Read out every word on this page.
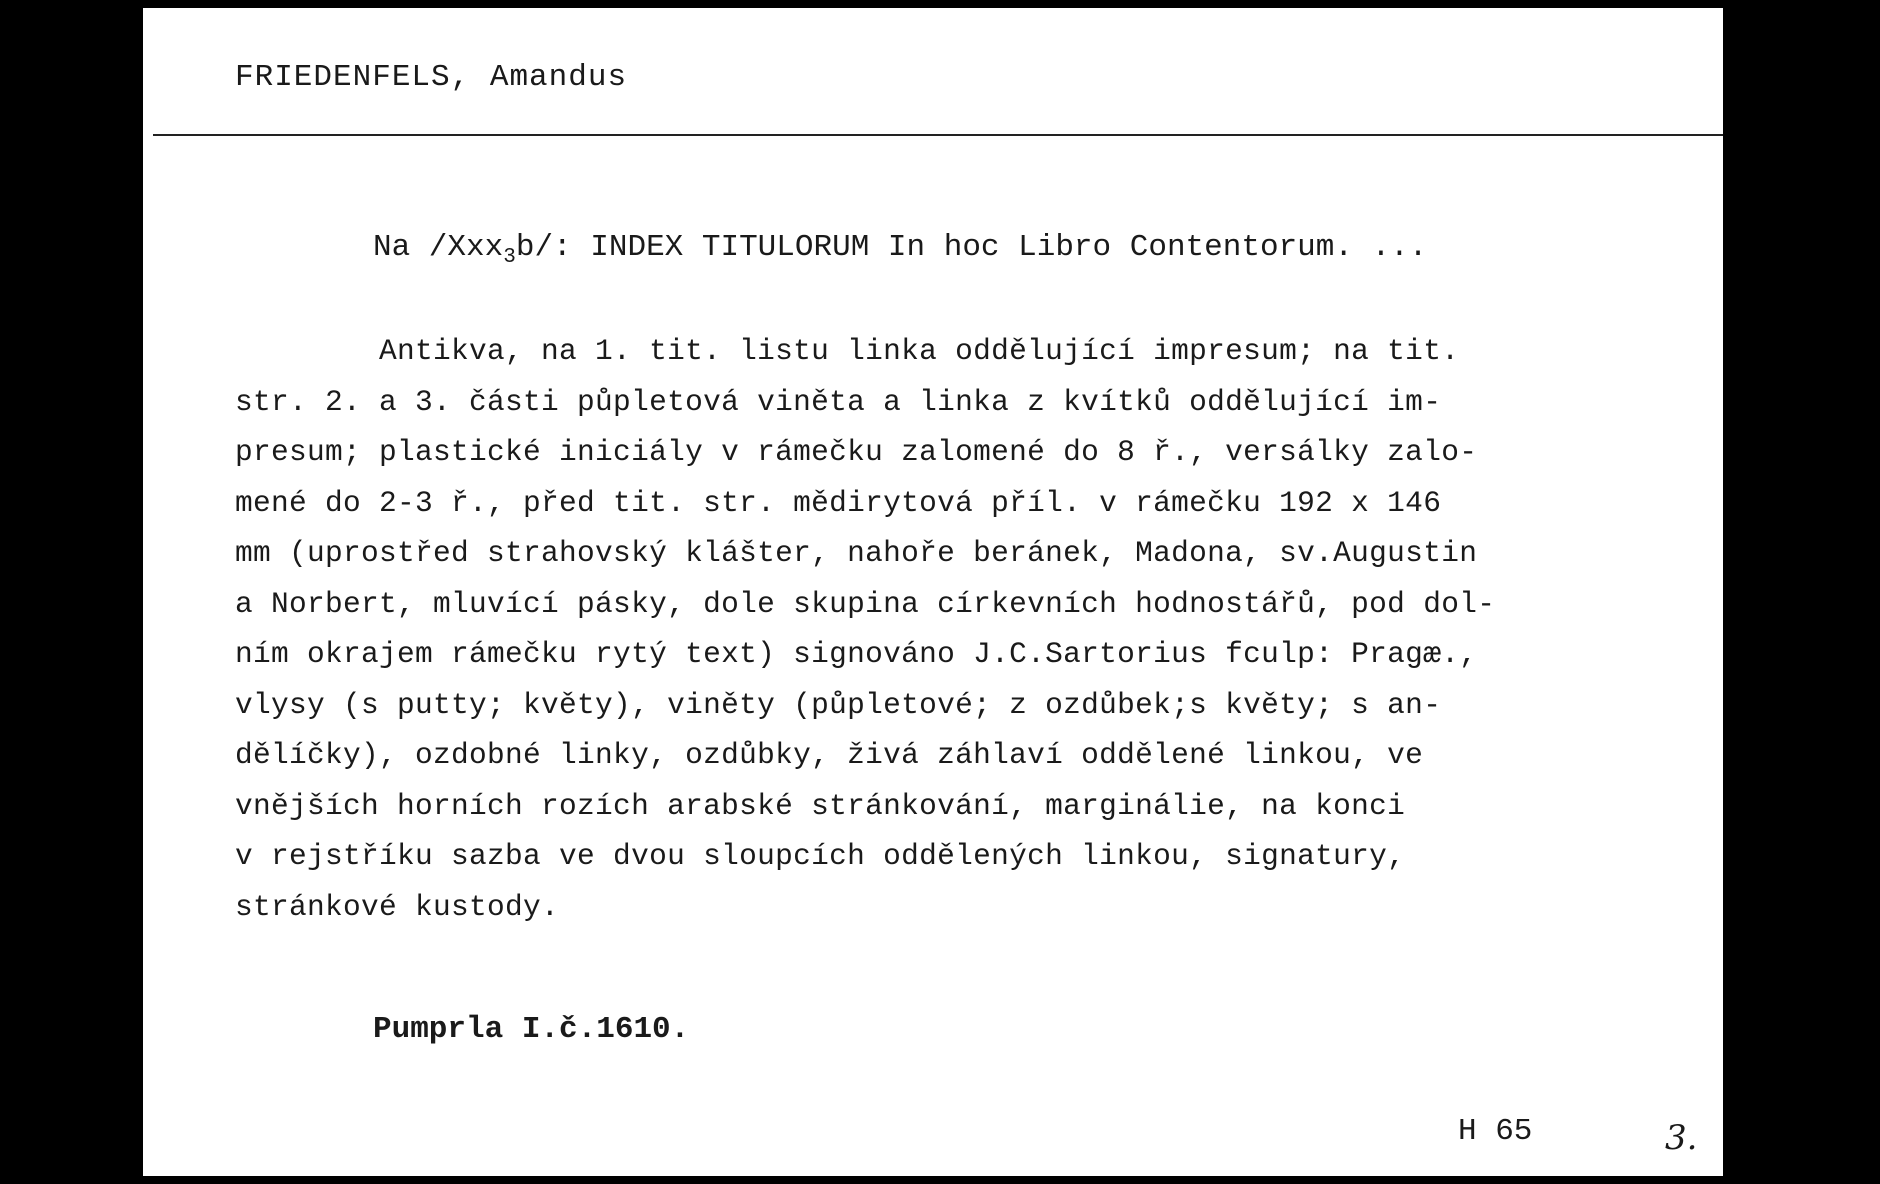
FRIEDENFELS, Amandus
Na /Xxx$_3$b/: INDEX TITULORUM In hoc Libro Contentorum. ...
Antikva, na 1. tit. listu linka oddělující impresum; na tit.
str. 2. a 3. části půpletová viněta a linka z kvítků oddělující im-
presum; plastické iniciály v rámečku zalomené do 8 ř., versálky zalo-
mené do 2-3 ř., před tit. str. mědirytová příl. v rámečku 192 x 146
mm (uprostřed strahovský klášter, nahoře beránek, Madona, sv.Augustin
a Norbert, mluvící pásky, dole skupina církevních hodnostářů, pod dol-
ním okrajem rámečku rytý text) signováno J.C.Sartorius fculp: Pragæ.,
vlysy (s putty; květy), viněty (půpletové; z ozdůbek;s květy; s an-
dělíčky), ozdobné linky, ozdůbky, živá záhlaví oddělené linkou, ve
vnějších horních rozích arabské stránkování, marginálie, na konci
v rejstříku sazba ve dvou sloupcích oddělených linkou, signatury,
stránkové kustody.
Pumprla I.č.1610.
H 65	3.
